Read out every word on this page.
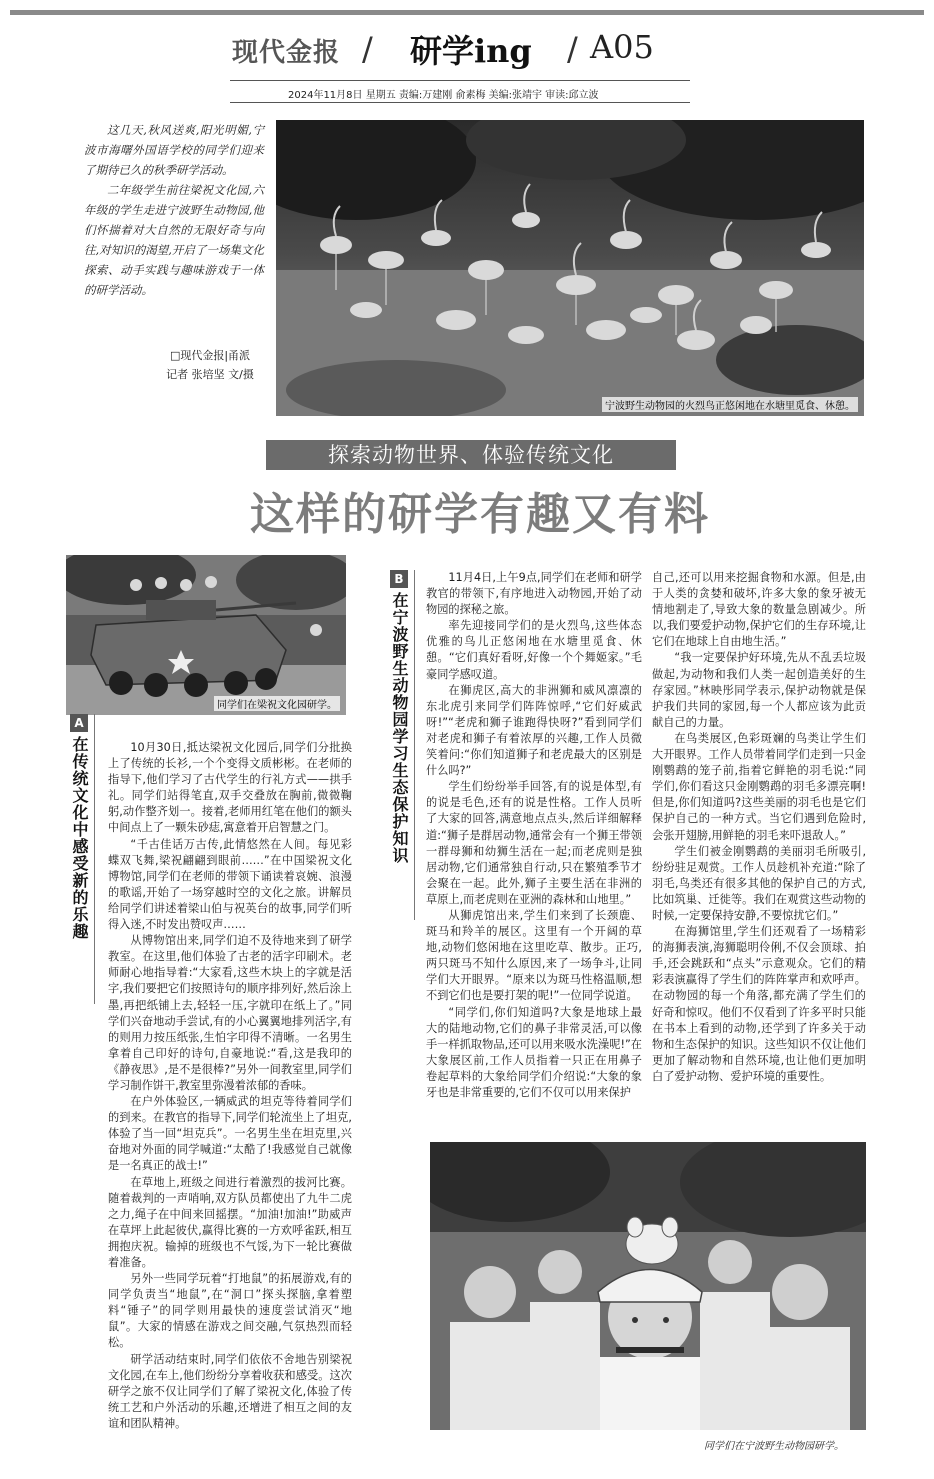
现代金报 / 研学ing / A05
2024年11月8日 星期五 责编:万建刚 俞素梅 美编:张靖宇 审读:邱立波

这几天,秋风送爽,阳光明媚,宁波市海曙外国语学校的同学们迎来了期待已久的秋季研学活动。

二年级学生前往梁祝文化园,六年级的学生走进宁波野生动物园,他们怀揣着对大自然的无限好奇与向往,对知识的渴望,开启了一场集文化探索、动手实践与趣味游戏于一体的研学活动。

□现代金报|甬派
记者 张培坚 文/摄
宁波野生动物园的火烈鸟正悠闲地在水塘里觅食、休憩。
探索动物世界、体验传统文化
这样的研学有趣又有料
同学们在梁祝文化园研学。
A
在传统文化中感受新的乐趣	10月30日,抵达梁祝文化园后,同学们分批换上了传统的长衫,一个个变得文质彬彬。在老师的指导下,他们学习了古代学生的行礼方式——拱手礼。同学们站得笔直,双手交叠放在胸前,微微鞠躬,动作整齐划一。接着,老师用红笔在他们的额头中间点上了一颗朱砂痣,寓意着开启智慧之门。

“千古佳话万古传,此情悠然在人间。每见彩蝶双飞舞,梁祝翩翩到眼前……”在中国梁祝文化博物馆,同学们在老师的带领下诵读着哀婉、浪漫的歌谣,开始了一场穿越时空的文化之旅。讲解员给同学们讲述着梁山伯与祝英台的故事,同学们听得入迷,不时发出赞叹声……

从博物馆出来,同学们迫不及待地来到了研学教室。在这里,他们体验了古老的活字印刷术。老师耐心地指导着:“大家看,这些木块上的字就是活字,我们要把它们按照诗句的顺序排列好,然后涂上墨,再把纸铺上去,轻轻一压,字就印在纸上了。”同学们兴奋地动手尝试,有的小心翼翼地排列活字,有的则用力按压纸张,生怕字印得不清晰。一名男生拿着自己印好的诗句,自豪地说:“看,这是我印的《静夜思》,是不是很棒?”另外一间教室里,同学们学习制作饼干,教室里弥漫着浓郁的香味。

在户外体验区,一辆威武的坦克等待着同学们的到来。在教官的指导下,同学们轮流坐上了坦克,体验了当一回“坦克兵”。一名男生坐在坦克里,兴奋地对外面的同学喊道:“太酷了!我感觉自己就像是一名真正的战士!”

在草地上,班级之间进行着激烈的拔河比赛。随着裁判的一声哨响,双方队员都使出了九牛二虎之力,绳子在中间来回摇摆。“加油!加油!”助威声在草坪上此起彼伏,赢得比赛的一方欢呼雀跃,相互拥抱庆祝。输掉的班级也不气馁,为下一轮比赛做着准备。

另外一些同学玩着“打地鼠”的拓展游戏,有的同学负责当“地鼠”,在“洞口”探头探脑,拿着塑料“锤子”的同学则用最快的速度尝试消灭“地鼠”。大家的情感在游戏之间交融,气氛热烈而轻松。

研学活动结束时,同学们依依不舍地告别梁祝文化园,在车上,他们纷纷分享着收获和感受。这次研学之旅不仅让同学们了解了梁祝文化,体验了传统工艺和户外活动的乐趣,还增进了相互之间的友谊和团队精神。

B
在宁波野生动物园学习生态保护知识

11月4日,上午9点,同学们在老师和研学教官的带领下,有序地进入动物园,开始了动物园的探秘之旅。

率先迎接同学们的是火烈鸟,这些体态优雅的鸟儿正悠闲地在水塘里觅食、休憩。“它们真好看呀,好像一个个舞姬家。”毛豪同学感叹道。

在狮虎区,高大的非洲狮和威风凛凛的东北虎引来同学们阵阵惊呼,“它们好威武呀!”“老虎和狮子谁跑得快呀?”看到同学们对老虎和狮子有着浓厚的兴趣,工作人员微笑着问:“你们知道狮子和老虎最大的区别是什么吗?”

学生们纷纷举手回答,有的说是体型,有的说是毛色,还有的说是性格。工作人员听了大家的回答,满意地点点头,然后详细解释道:“狮子是群居动物,通常会有一个狮王带领一群母狮和幼狮生活在一起;而老虎则是独居动物,它们通常独自行动,只在繁殖季节才会聚在一起。此外,狮子主要生活在非洲的草原上,而老虎则在亚洲的森林和山地里。”

从狮虎馆出来,学生们来到了长颈鹿、斑马和羚羊的展区。这里有一个开阔的草地,动物们悠闲地在这里吃草、散步。正巧,两只斑马不知什么原因,来了一场争斗,让同学们大开眼界。“原来以为斑马性格温顺,想不到它们也是要打架的呢!”一位同学说道。

“同学们,你们知道吗?大象是地球上最大的陆地动物,它们的鼻子非常灵活,可以像手一样抓取物品,还可以用来吸水洗澡呢!”在大象展区前,工作人员指着一只正在用鼻子卷起草料的大象给同学们介绍说:“大象的象牙也是非常重要的,它们不仅可以用来保护

自己,还可以用来挖掘食物和水源。但是,由于人类的贪婪和破坏,许多大象的象牙被无情地割走了,导致大象的数量急剧减少。所以,我们要爱护动物,保护它们的生存环境,让它们在地球上自由地生活。”

“我一定要保护好环境,先从不乱丢垃圾做起,为动物和我们人类一起创造美好的生存家园。”林映彤同学表示,保护动物就是保护我们共同的家园,每一个人都应该为此贡献自己的力量。

在鸟类展区,色彩斑斓的鸟类让学生们大开眼界。工作人员带着同学们走到一只金刚鹦鹉的笼子前,指着它鲜艳的羽毛说:“同学们,你们看这只金刚鹦鹉的羽毛多漂亮啊!但是,你们知道吗?这些美丽的羽毛也是它们保护自己的一种方式。当它们遇到危险时,会张开翅膀,用鲜艳的羽毛来吓退敌人。”

学生们被金刚鹦鹉的美丽羽毛所吸引,纷纷驻足观赏。工作人员趁机补充道:“除了羽毛,鸟类还有很多其他的保护自己的方式,比如筑巢、迁徙等。我们在观赏这些动物的时候,一定要保持安静,不要惊扰它们。”

在海狮馆里,学生们还观看了一场精彩的海狮表演,海狮聪明伶俐,不仅会顶球、拍手,还会跳跃和“点头”示意观众。它们的精彩表演赢得了学生们的阵阵掌声和欢呼声。在动物园的每一个角落,都充满了学生们的好奇和惊叹。他们不仅看到了许多平时只能在书本上看到的动物,还学到了许多关于动物和生态保护的知识。这些知识不仅让他们更加了解动物和自然环境,也让他们更加明白了爱护动物、爱护环境的重要性。

同学们在宁波野生动物园研学。
